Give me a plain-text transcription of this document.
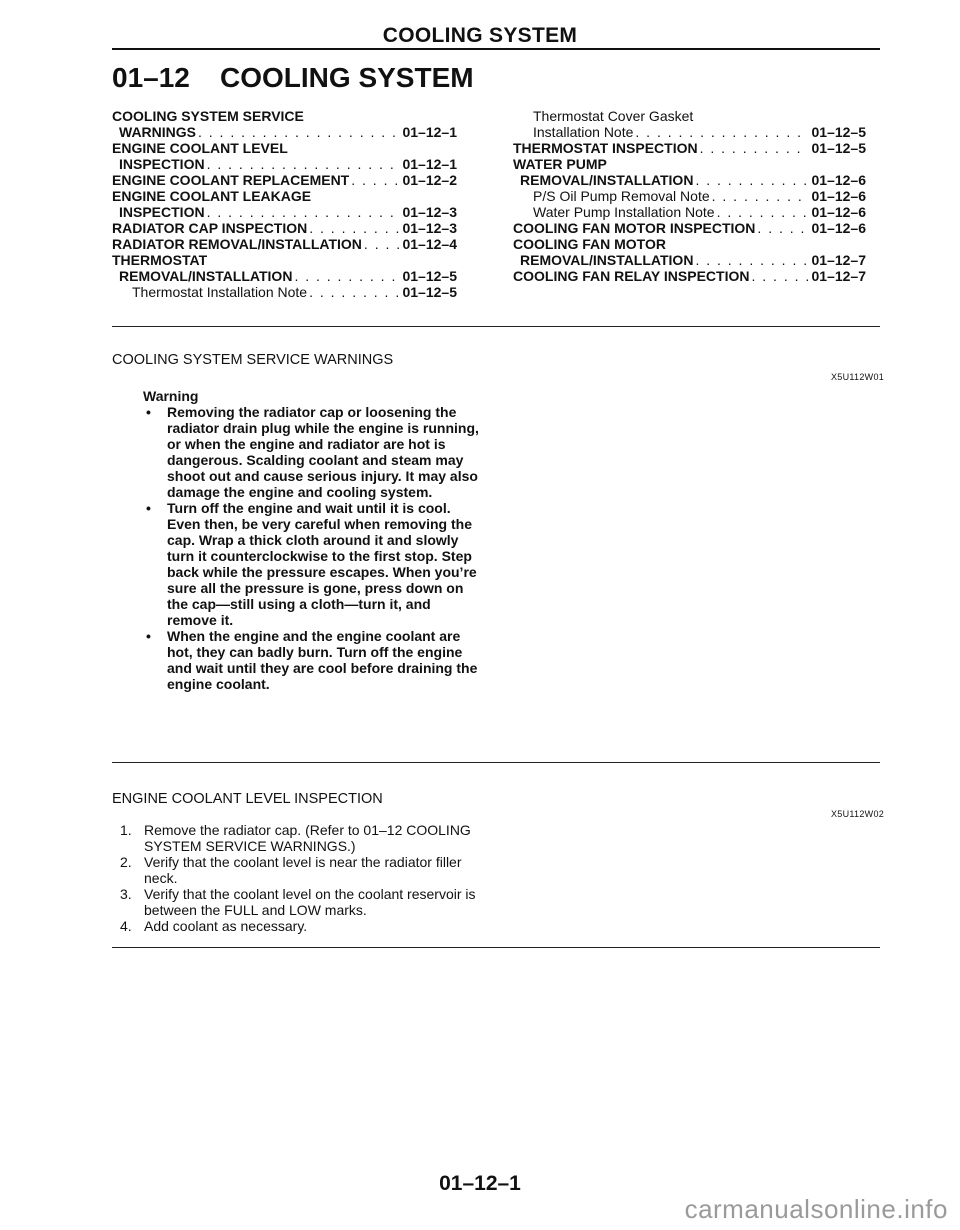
COOLING SYSTEM
01–12 COOLING SYSTEM
COOLING SYSTEM SERVICE
WARNINGS . . .	01–12–1
ENGINE COOLANT LEVEL
INSPECTION . . .	01–12–1
ENGINE COOLANT REPLACEMENT . . .	01–12–2
ENGINE COOLANT LEAKAGE
INSPECTION . . .	01–12–3
RADIATOR CAP INSPECTION . . .	01–12–3
RADIATOR REMOVAL/INSTALLATION . . .	01–12–4
THERMOSTAT
REMOVAL/INSTALLATION . . .	01–12–5
Thermostat Installation Note . . .	01–12–5
Thermostat Cover Gasket
Installation Note . . .	01–12–5
THERMOSTAT INSPECTION . . .	01–12–5
WATER PUMP
REMOVAL/INSTALLATION . . .	01–12–6
P/S Oil Pump Removal Note . . .	01–12–6
Water Pump Installation Note . . .	01–12–6
COOLING FAN MOTOR INSPECTION . . .	01–12–6
COOLING FAN MOTOR
REMOVAL/INSTALLATION . . .	01–12–7
COOLING FAN RELAY INSPECTION . . .	01–12–7
COOLING SYSTEM SERVICE WARNINGS
X5U112W01
Warning
• Removing the radiator cap or loosening the radiator drain plug while the engine is running, or when the engine and radiator are hot is dangerous. Scalding coolant and steam may shoot out and cause serious injury. It may also damage the engine and cooling system.
• Turn off the engine and wait until it is cool. Even then, be very careful when removing the cap. Wrap a thick cloth around it and slowly turn it counterclockwise to the first stop. Step back while the pressure escapes. When you’re sure all the pressure is gone, press down on the cap—still using a cloth—turn it, and remove it.
• When the engine and the engine coolant are hot, they can badly burn. Turn off the engine and wait until they are cool before draining the engine coolant.
ENGINE COOLANT LEVEL INSPECTION
X5U112W02
1. Remove the radiator cap. (Refer to 01–12 COOLING SYSTEM SERVICE WARNINGS.)
2. Verify that the coolant level is near the radiator filler neck.
3. Verify that the coolant level on the coolant reservoir is between the FULL and LOW marks.
4. Add coolant as necessary.
01–12–1
carmanualsonline.info
